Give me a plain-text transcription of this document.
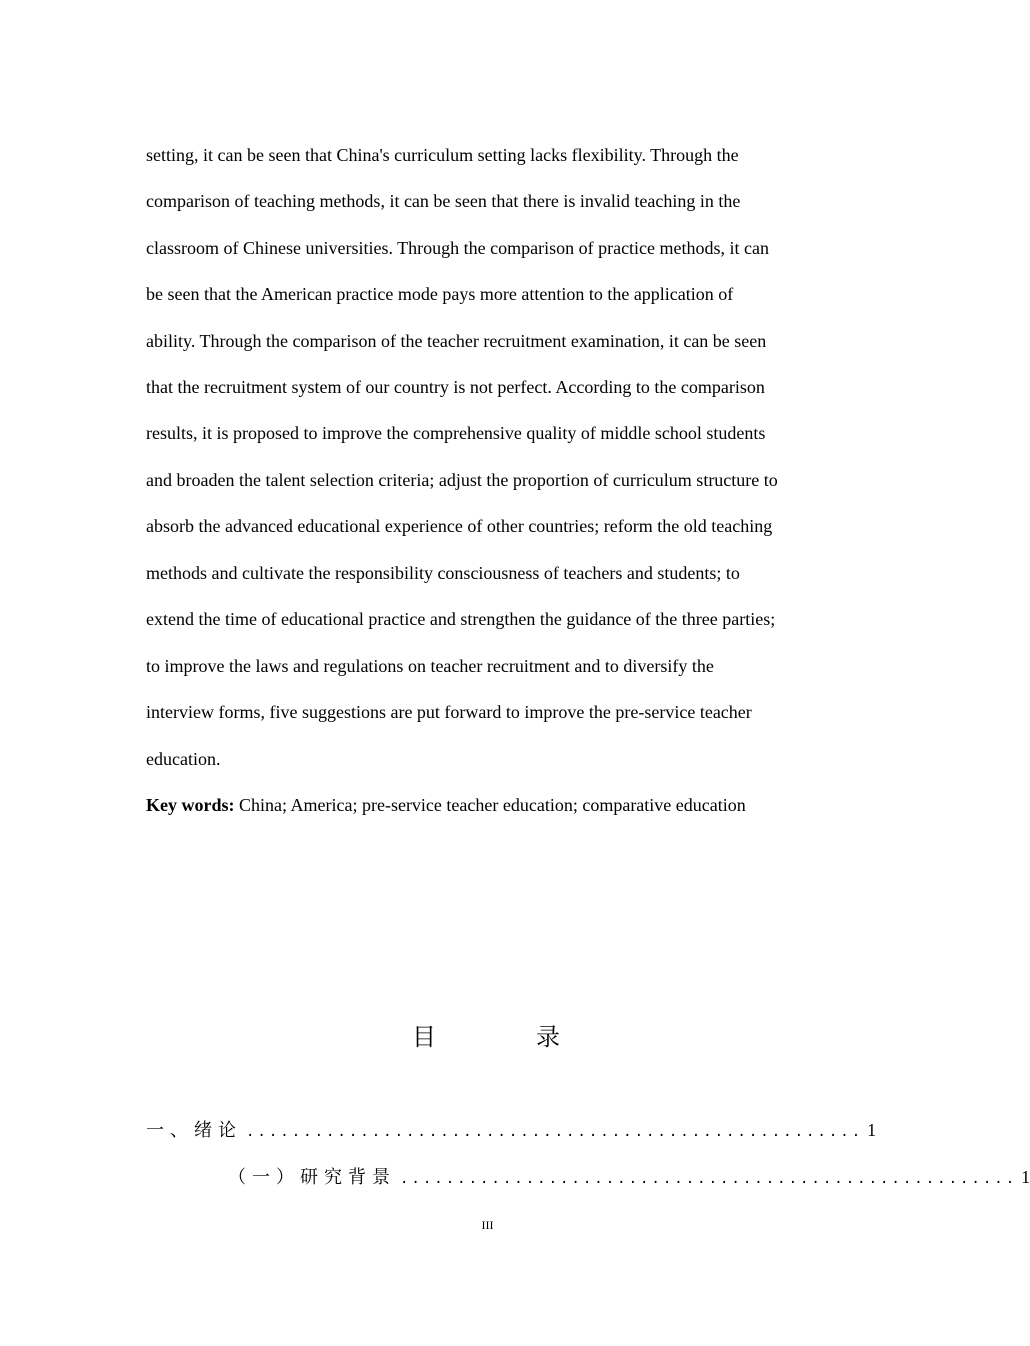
setting, it can be seen that China's curriculum setting lacks flexibility. Through the
comparison of teaching methods, it can be seen that there is invalid teaching in the
classroom of Chinese universities. Through the comparison of practice methods, it can
be seen that the American practice mode pays more attention to the application of
ability. Through the comparison of the teacher recruitment examination, it can be seen
that the recruitment system of our country is not perfect. According to the comparison
results, it is proposed to improve the comprehensive quality of middle school students
and broaden the talent selection criteria; adjust the proportion of curriculum structure to
absorb the advanced educational experience of other countries; reform the old teaching
methods and cultivate the responsibility consciousness of teachers and students; to
extend the time of educational practice and strengthen the guidance of the three parties;
to improve the laws and regulations on teacher recruitment and to diversify the
interview forms, five suggestions are put forward to improve the pre-service teacher
education.
Key words: China; America; pre-service teacher education; comparative education
目	录
一、绪论 ...................................................... 1
（一）研究背景 ...................................................... 1
III
